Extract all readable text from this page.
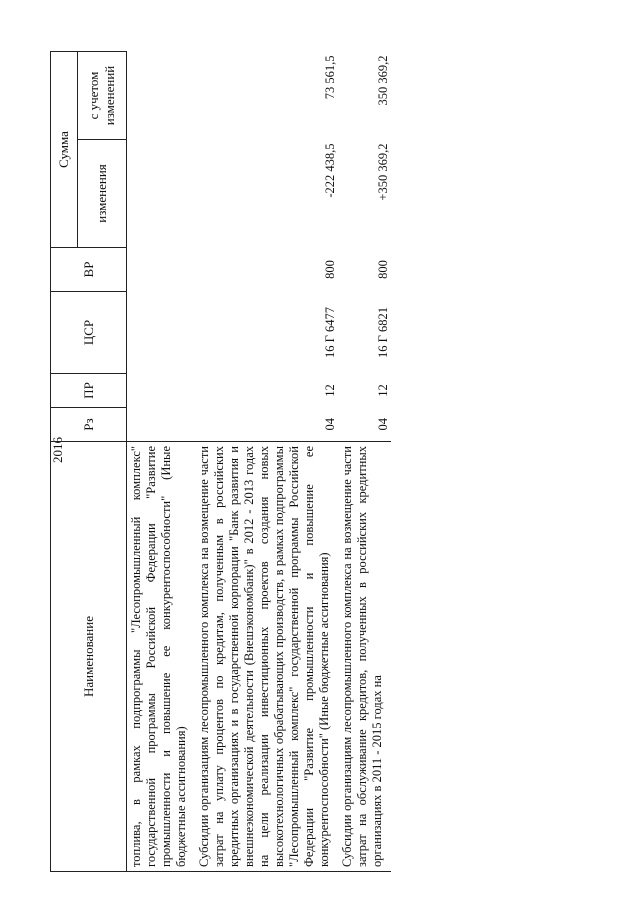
2016
Наименование	Рз	ПР	ЦСР	ВР	Сумма	
					изменения	с учетом изменений
топлива, в рамках подпрограммы "Лесопромышленный комплекс" государственной программы Российской Федерации "Развитие промышленности и повышение ее конкурентоспособности" (Иные бюджетные ассигнования)						
Субсидии организациям лесопромышленного комплекса на возмещение части затрат на уплату процентов по кредитам, полученным в российских кредитных организациях и в государственной корпорации "Банк развития и внешнеэкономической деятельности (Внешэкономбанк)" в 2012 - 2013 годах на цели реализации инвестиционных проектов создания новых высокотехнологичных обрабатывающих производств, в рамках подпрограммы "Лесопромышленный комплекс" государственной программы Российской Федерации "Развитие промышленности и повышение ее конкурентоспособности" (Иные бюджетные ассигнования)	04	12	16 Г 6477	800	-222 438,5	73 561,5
Субсидии организациям лесопромышленного комплекса на возмещение части затрат на обслуживание кредитов, полученных в российских кредитных организациях в 2011 - 2015 годах на	04	12	16 Г 6821	800	+350 369,2	350 369,2
